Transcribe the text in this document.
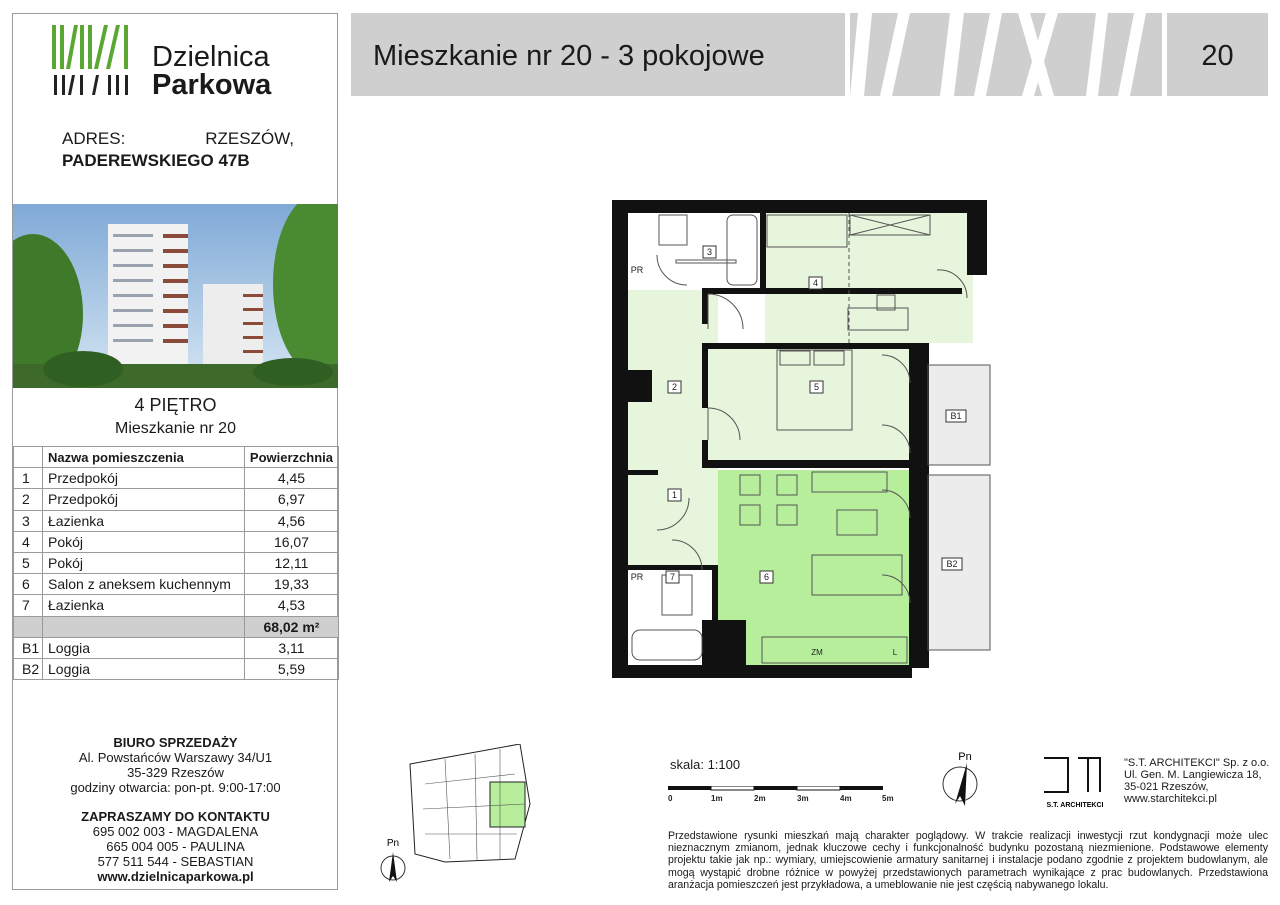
Dzielnica
Parkowa
ADRES:	RZESZÓW,
PADEREWSKIEGO 47B
4 PIĘTRO
Mieszkanie nr 20
	Nazwa pomieszczenia	Powierzchnia
1	Przedpokój	4,45
2	Przedpokój	6,97
3	Łazienka	4,56
4	Pokój	16,07
5	Pokój	12,11
6	Salon z aneksem kuchennym	19,33
7	Łazienka	4,53
		68,02 m²
B1	Loggia	3,11
B2	Loggia	5,59
BIURO SPRZEDAŻY
Al. Powstańców Warszawy 34/U1
35-329 Rzeszów
godziny otwarcia: pon-pt. 9:00-17:00
ZAPRASZAMY DO KONTAKTU
695 002 003 - MAGDALENA
665 004 005 - PAULINA
577 511 544 - SEBASTIAN
www.dzielnicaparkowa.pl
Mieszkanie nr 20 - 3 pokojowe	20
3
4
2	5
1
6
7
B1
B2
PR
PR
ZM	L
Pn
skala: 1:100
0	1m	2m	3m	4m	5m
Pn
S.T. ARCHITEKCI
"S.T. ARCHITEKCI" Sp. z o.o.
Ul. Gen. M. Langiewicza 18,
35-021 Rzeszów,
www.starchitekci.pl
Przedstawione rysunki mieszkań mają charakter poglądowy. W trakcie realizacji inwestycji rzut kondygnacji może ulec nieznacznym zmianom, jednak kluczowe cechy i funkcjonalność budynku pozostaną niezmienione. Podstawowe elementy projektu takie jak np.: wymiary, umiejscowienie armatury sanitarnej i instalacje podano zgodnie z projektem budowlanym, ale mogą wystąpić drobne różnice w powyżej przedstawionych parametrach wynikające z prac budowlanych. Przedstawiona aranżacja pomieszczeń jest przykładowa, a umeblowanie nie jest częścią nabywanego lokalu.
